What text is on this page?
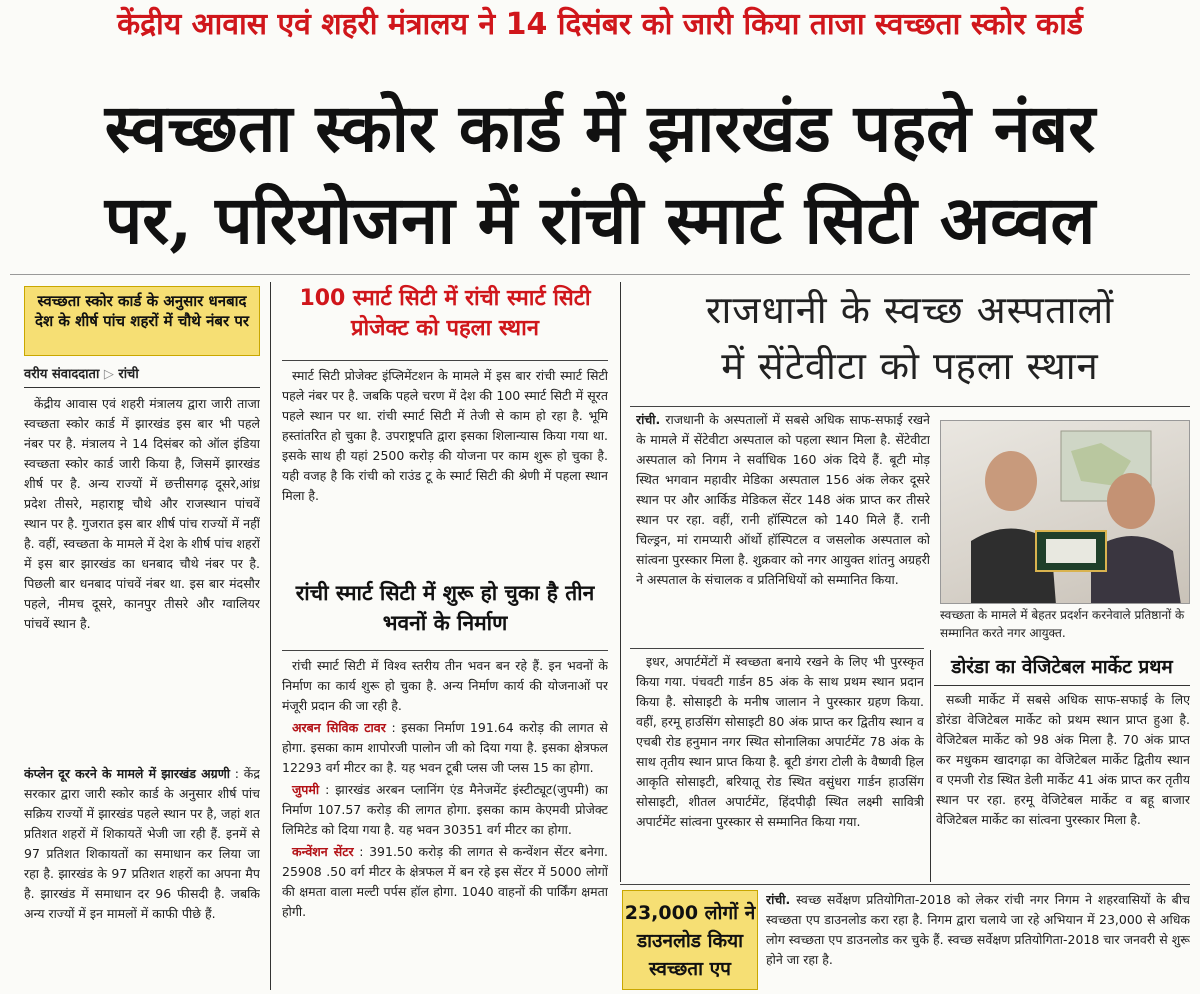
केंद्रीय आवास एवं शहरी मंत्रालय ने 14 दिसंबर को जारी किया ताजा स्वच्छता स्कोर कार्ड
स्वच्छता स्कोर कार्ड में झारखंड पहले नंबर
पर, परियोजना में रांची स्मार्ट सिटी अव्वल
स्वच्छता स्कोर कार्ड के अनुसार धनबाद देश के शीर्ष पांच शहरों में चौथे नंबर पर
वरीय संवाददाता ▷ रांची

केंद्रीय आवास एवं शहरी मंत्रालय द्वारा जारी ताजा स्वच्छता स्कोर कार्ड में झारखंड इस बार भी पहले नंबर पर है. मंत्रालय ने 14 दिसंबर को ऑल इंडिया स्वच्छता स्कोर कार्ड जारी किया है, जिसमें झारखंड शीर्ष पर है. अन्य राज्यों में छत्तीसगढ़ दूसरे,आंध्र प्रदेश तीसरे, महाराष्ट्र चौथे और राजस्थान पांचवें स्थान पर है. गुजरात इस बार शीर्ष पांच राज्यों में नहीं है. वहीं, स्वच्छता के मामले में देश के शीर्ष पांच शहरों में इस बार झारखंड का धनबाद चौथे नंबर पर है. पिछली बार धनबाद पांचवें नंबर था. इस बार मंदसौर पहले, नीमच दूसरे, कानपुर तीसरे और ग्वालियर पांचवें स्थान है.

कंप्लेन दूर करने के मामले में झारखंड अग्रणी : केंद्र सरकार द्वारा जारी स्कोर कार्ड के अनुसार शीर्ष पांच सक्रिय राज्यों में झारखंड पहले स्थान पर है, जहां शत प्रतिशत शहरों में शिकायतें भेजी जा रही हैं. इनमें से 97 प्रतिशत शिकायतों का समाधान कर लिया जा रहा है. झारखंड के 97 प्रतिशत शहरों का अपना मैप है. झारखंड में समाधान दर 96 फीसदी है. जबकि अन्य राज्यों में इन मामलों में काफी पीछे हैं.

100 स्मार्ट सिटी में रांची स्मार्ट सिटी प्रोजेक्ट को पहला स्थान

स्मार्ट सिटी प्रोजेक्ट इंप्लिमेंटशन के मामले में इस बार रांची स्मार्ट सिटी पहले नंबर पर है. जबकि पहले चरण में देश की 100 स्मार्ट सिटी में सूरत पहले स्थान पर था. रांची स्मार्ट सिटी में तेजी से काम हो रहा है. भूमि हस्तांतरित हो चुका है. उपराष्ट्रपति द्वारा इसका शिलान्यास किया गया था. इसके साथ ही यहां 2500 करोड़ की योजना पर काम शुरू हो चुका है. यही वजह है कि रांची को राउंड टू के स्मार्ट सिटी की श्रेणी में पहला स्थान मिला है.

रांची स्मार्ट सिटी में शुरू हो चुका है तीन भवनों के निर्माण

रांची स्मार्ट सिटी में विश्व स्तरीय तीन भवन बन रहे हैं. इन भवनों के निर्माण का कार्य शुरू हो चुका है. अन्य निर्माण कार्य की योजनाओं पर मंजूरी प्रदान की जा रही है.

अरबन सिविक टावर : इसका निर्माण 191.64 करोड़ की लागत से होगा. इसका काम शापोरजी पालोन जी को दिया गया है. इसका क्षेत्रफल 12293 वर्ग मीटर का है. यह भवन टूबी प्लस जी प्लस 15 का होगा.

जुपमी : झारखंड अरबन प्लानिंग एंड मैनेजमेंट इंस्टीट्यूट(जुपमी) का निर्माण 107.57 करोड़ की लागत होगा. इसका काम केएमवी प्रोजेक्ट लिमिटेड को दिया गया है. यह भवन 30351 वर्ग मीटर का होगा.

कन्वेंशन सेंटर : 391.50 करोड़ की लागत से कन्वेंशन सेंटर बनेगा. 25908 .50 वर्ग मीटर के क्षेत्रफल में बन रहे इस सेंटर में 5000 लोगों की क्षमता वाला मल्टी पर्पस हॉल होगा. 1040 वाहनों की पार्किंग क्षमता होगी.

राजधानी के स्वच्छ अस्पतालों
में सेंटेवीटा को पहला स्थान

रांची. राजधानी के अस्पतालों में सबसे अधिक साफ-सफाई रखने के मामले में सेंटेवीटा अस्पताल को पहला स्थान मिला है. सेंटेवीटा अस्पताल को निगम ने सर्वाधिक 160 अंक दिये हैं. बूटी मोड़ स्थित भगवान महावीर मेडिका अस्पताल 156 अंक लेकर दूसरे स्थान पर और आर्किड मेडिकल सेंटर 148 अंक प्राप्त कर तीसरे स्थान पर रहा. वहीं, रानी हॉस्पिटल को 140 मिले हैं. रानी चिल्ड्रन, मां रामप्यारी ऑर्थो हॉस्पिटल व जसलोक अस्पताल को सांत्वना पुरस्कार मिला है. शुक्रवार को नगर आयुक्त शांतनु अग्रहरी ने अस्पताल के संचालक व प्रतिनिधियों को सम्मानित किया.

स्वच्छता के मामले में बेहतर प्रदर्शन करनेवाले प्रतिष्ठानों के सम्मानित करते नगर आयुक्त.

इधर, अपार्टमेंटों में स्वच्छता बनाये रखने के लिए भी पुरस्कृत किया गया. पंचवटी गार्डन 85 अंक के साथ प्रथम स्थान प्रदान किया है. सोसाइटी के मनीष जालान ने पुरस्कार ग्रहण किया. वहीं, हरमू हाउसिंग सोसाइटी 80 अंक प्राप्त कर द्वितीय स्थान व एचबी रोड हनुमान नगर स्थित सोनालिका अपार्टमेंट 78 अंक के साथ तृतीय स्थान प्राप्त किया है. बूटी डंगरा टोली के वैष्णवी हिल आकृति सोसाइटी, बरियातू रोड स्थित वसुंधरा गार्डन हाउसिंग सोसाइटी, शीतल अपार्टमेंट, हिंदपीढ़ी स्थित लक्ष्मी सावित्री अपार्टमेंट सांत्वना पुरस्कार से सम्मानित किया गया.

डोरंडा का वेजिटेबल मार्केट प्रथम

सब्जी मार्केट में सबसे अधिक साफ-सफाई के लिए डोरंडा वेजिटेबल मार्केट को प्रथम स्थान प्राप्त हुआ है. वेजिटेबल मार्केट को 98 अंक मिला है. 70 अंक प्राप्त कर मधुकम खादगढ़ा का वेजिटेबल मार्केट द्वितीय स्थान व एमजी रोड स्थित डेली मार्केट 41 अंक प्राप्त कर तृतीय स्थान पर रहा. हरमू वेजिटेबल मार्केट व बहू बाजार वेजिटेबल मार्केट का सांत्वना पुरस्कार मिला है.

23,000 लोगों ने डाउनलोड किया स्वच्छता एप

रांची. स्वच्छ सर्वेक्षण प्रतियोगिता-2018 को लेकर रांची नगर निगम ने शहरवासियों के बीच स्वच्छता एप डाउनलोड करा रहा है. निगम द्वारा चलाये जा रहे अभियान में 23,000 से अधिक लोग स्वच्छता एप डाउनलोड कर चुके हैं. स्वच्छ सर्वेक्षण प्रतियोगिता-2018 चार जनवरी से शुरू होने जा रहा है.
